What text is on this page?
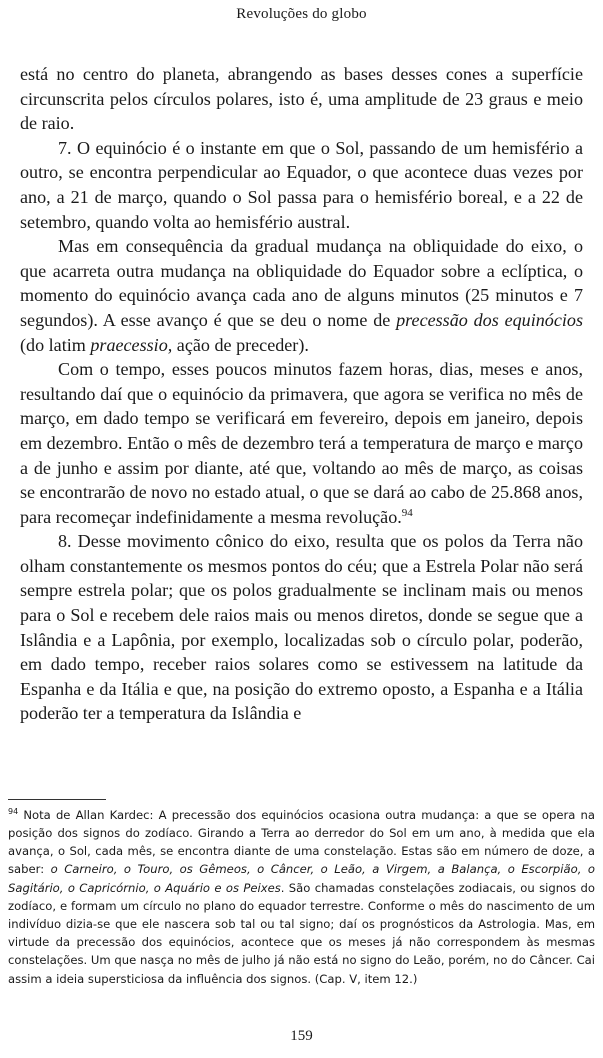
Revoluções do globo

está no centro do planeta, abrangendo as bases desses cones a superfície circunscrita pelos círculos polares, isto é, uma amplitude de 23 graus e meio de raio.

7. O equinócio é o instante em que o Sol, passando de um hemisfério a outro, se encontra perpendicular ao Equador, o que acontece duas vezes por ano, a 21 de março, quando o Sol passa para o hemisfério boreal, e a 22 de setembro, quando volta ao hemisfério austral.

Mas em consequência da gradual mudança na obliquidade do eixo, o que acarreta outra mudança na obliquidade do Equador sobre a eclíptica, o momento do equinócio avança cada ano de alguns minutos (25 minutos e 7 segundos). A esse avanço é que se deu o nome de precessão dos equinócios (do latim praecessio, ação de preceder).

Com o tempo, esses poucos minutos fazem horas, dias, meses e anos, resultando daí que o equinócio da primavera, que agora se verifica no mês de março, em dado tempo se verificará em fevereiro, depois em janeiro, depois em dezembro. Então o mês de dezembro terá a temperatura de março e março a de junho e assim por diante, até que, voltando ao mês de março, as coisas se encontrarão de novo no estado atual, o que se dará ao cabo de 25.868 anos, para recomeçar indefinidamente a mesma revolução.$^{94}$

8. Desse movimento cônico do eixo, resulta que os polos da Terra não olham constantemente os mesmos pontos do céu; que a Estrela Polar não será sempre estrela polar; que os polos gradualmente se inclinam mais ou menos para o Sol e recebem dele raios mais ou menos diretos, donde se segue que a Islândia e a Lapônia, por exemplo, localizadas sob o círculo polar, poderão, em dado tempo, receber raios solares como se estivessem na latitude da Espanha e da Itália e que, na posição do extremo oposto, a Espanha e a Itália poderão ter a temperatura da Islândia e

$^{94}$ Nota de Allan Kardec: A precessão dos equinócios ocasiona outra mudança: a que se opera na posição dos signos do zodíaco. Girando a Terra ao derredor do Sol em um ano, à medida que ela avança, o Sol, cada mês, se encontra diante de uma constelação. Estas são em número de doze, a saber: o Carneiro, o Touro, os Gêmeos, o Câncer, o Leão, a Virgem, a Balança, o Escorpião, o Sagitário, o Capricórnio, o Aquário e os Peixes. São chamadas constelações zodiacais, ou signos do zodíaco, e formam um círculo no plano do equador terrestre. Conforme o mês do nascimento de um indivíduo dizia-se que ele nascera sob tal ou tal signo; daí os prognósticos da Astrologia. Mas, em virtude da precessão dos equinócios, acontece que os meses já não correspondem às mesmas constelações. Um que nasça no mês de julho já não está no signo do Leão, porém, no do Câncer. Cai assim a ideia supersticiosa da influência dos signos. (Cap. V, item 12.)
159
